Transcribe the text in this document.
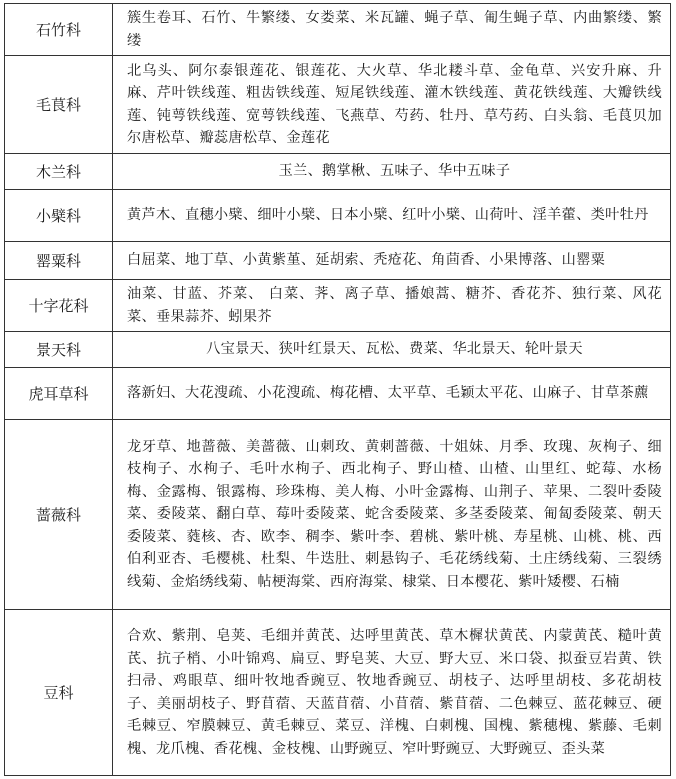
石竹科	簇生卷耳、石竹、牛繁缕、女娄菜、米瓦罐、蝇子草、匍生蝇子草、内曲繁缕、繁缕
毛茛科	北乌头、阿尔泰银莲花、银莲花、大火草、华北耧斗草、金龟草、兴安升麻、升麻、芹叶铁线莲、粗齿铁线莲、短尾铁线莲、灌木铁线莲、黄花铁线莲、大瓣铁线莲、钝萼铁线莲、宽萼铁线莲、飞燕草、芍药、牡丹、草芍药、白头翁、毛茛贝加尔唐松草、瓣蕊唐松草、金莲花
木兰科	玉兰、鹅掌楸、五味子、华中五味子
小檗科	黄芦木、直穗小檗、细叶小檗、日本小檗、红叶小檗、山荷叶、淫羊藿、类叶牡丹
罂粟科	白屈菜、地丁草、小黄紫堇、延胡索、秃疮花、角茴香、小果博落、山罂粟
十字花科	油菜、甘蓝、芥菜、 白菜、荠、离子草、播娘蒿、糖芥、香花芥、独行菜、风花菜、垂果蒜芥、蚓果芥
景天科	八宝景天、狭叶红景天、瓦松、费菜、华北景天、轮叶景天
虎耳草科	落新妇、大花溲疏、小花溲疏、梅花槽、太平草、毛颖太平花、山麻子、甘草茶藨
蔷薇科	龙牙草、地蔷薇、美蔷薇、山刺玫、黄刺蔷薇、十姐妹、月季、玫瑰、灰栒子、细枝栒子、水栒子、毛叶水栒子、西北栒子、野山楂、山楂、山里红、蛇莓、水杨梅、金露梅、银露梅、珍珠梅、美人梅、小叶金露梅、山荆子、苹果、二裂叶委陵菜、委陵菜、翻白草、莓叶委陵菜、蛇含委陵菜、多茎委陵菜、匍匐委陵菜、朝天委陵菜、蕤核、杏、欧李、稠李、紫叶李、碧桃、紫叶桃、寿星桃、山桃、桃、西伯利亚杏、毛樱桃、杜梨、牛迭肚、刺悬钩子、毛花绣线菊、土庄绣线菊、三裂绣线菊、金焰绣线菊、帖梗海棠、西府海棠、棣棠、日本樱花、紫叶矮樱、石楠
豆科	合欢、紫荆、皂荚、毛细并黄芪、达呼里黄芪、草木樨状黄芪、内蒙黄芪、糙叶黄芪、抗子梢、小叶锦鸡、扁豆、野皂荚、大豆、野大豆、米口袋、拟蚕豆岩黄、铁扫帚、鸡眼草、细叶牧地香豌豆、牧地香豌豆、胡枝子、达呼里胡枝、多花胡枝子、美丽胡枝子、野苜蓿、天蓝苜蓿、小苜蓿、紫苜蓿、二色棘豆、蓝花棘豆、硬毛棘豆、窄膜棘豆、黄毛棘豆、菜豆、洋槐、白刺槐、国槐、紫穗槐、紫藤、毛刺槐、龙爪槐、香花槐、金枝槐、山野豌豆、窄叶野豌豆、大野豌豆、歪头菜
